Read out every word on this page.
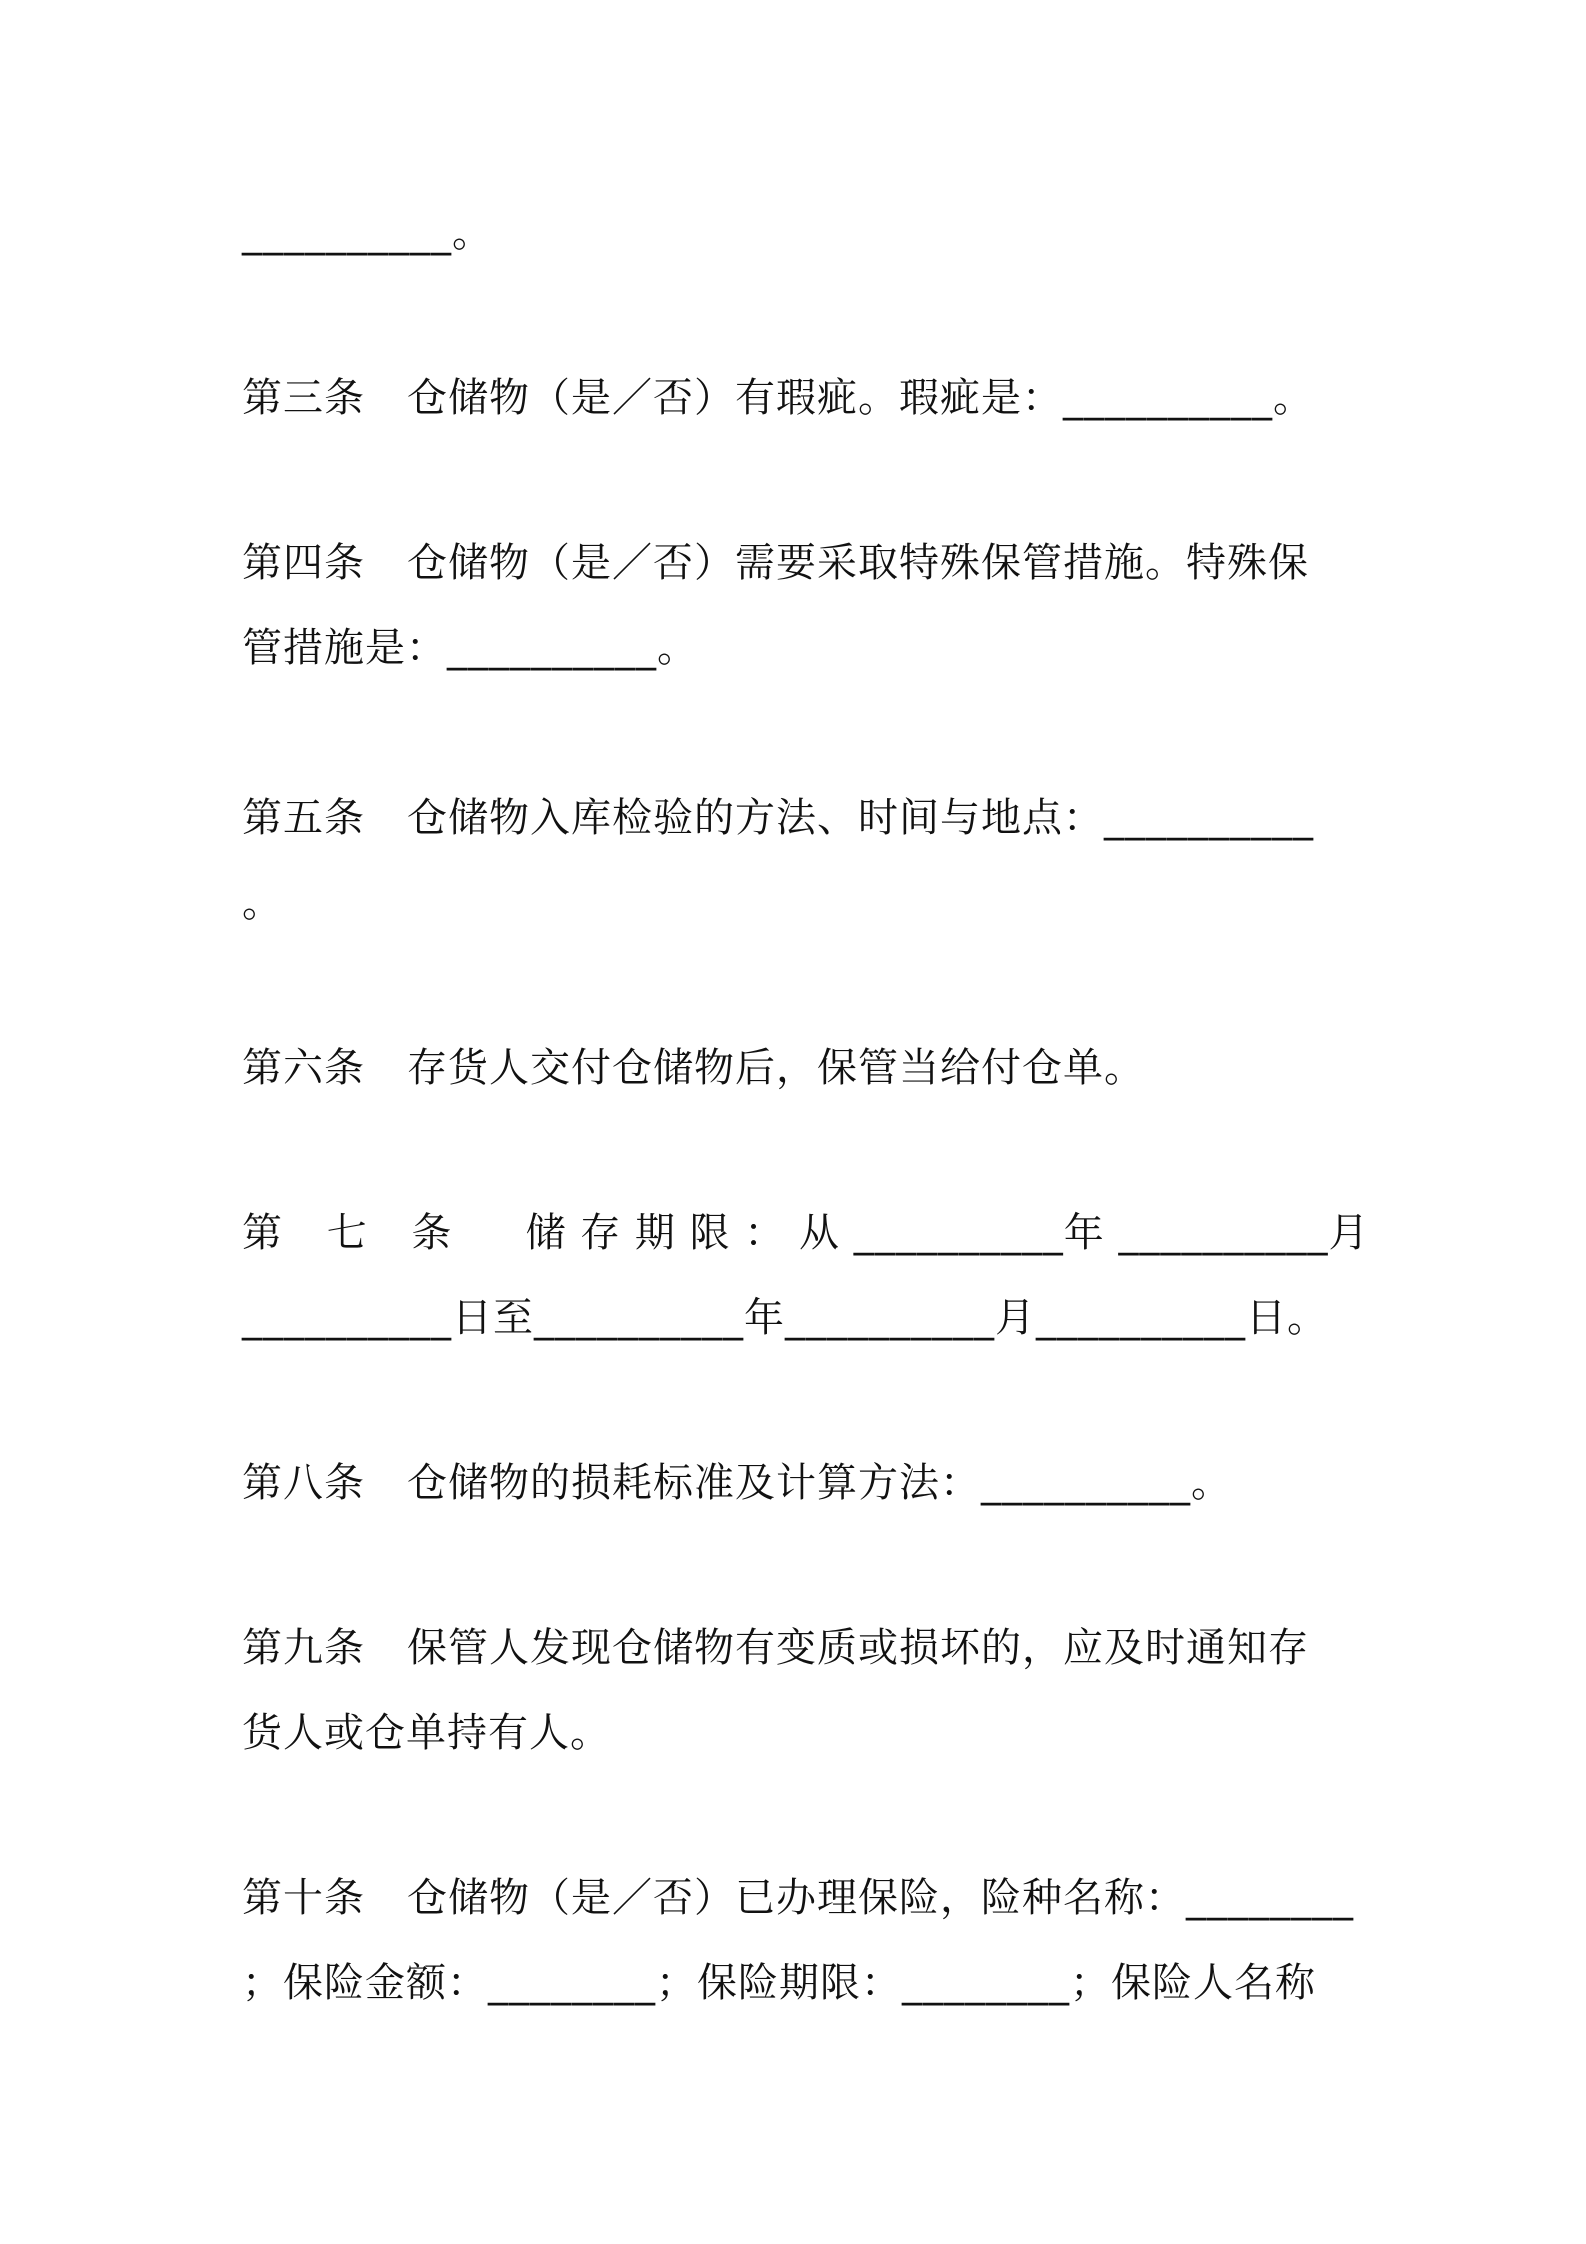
__________。
第三条 仓储物（是／否）有瑕疵。瑕疵是：__________。
第四条 仓储物（是／否）需要采取特殊保管措施。特殊保
管措施是：__________。
第五条 仓储物入库检验的方法、时间与地点：__________
。
第六条 存货人交付仓储物后，保管当给付仓单。
第 七 条 储 存 期 限 ： 从 __________年 __________月
__________日至__________年__________月__________日。
第八条 仓储物的损耗标准及计算方法：__________。
第九条 保管人发现仓储物有变质或损坏的，应及时通知存
货人或仓单持有人。
第十条 仓储物（是／否）已办理保险，险种名称：________
；保险金额：________；保险期限：________；保险人名称
